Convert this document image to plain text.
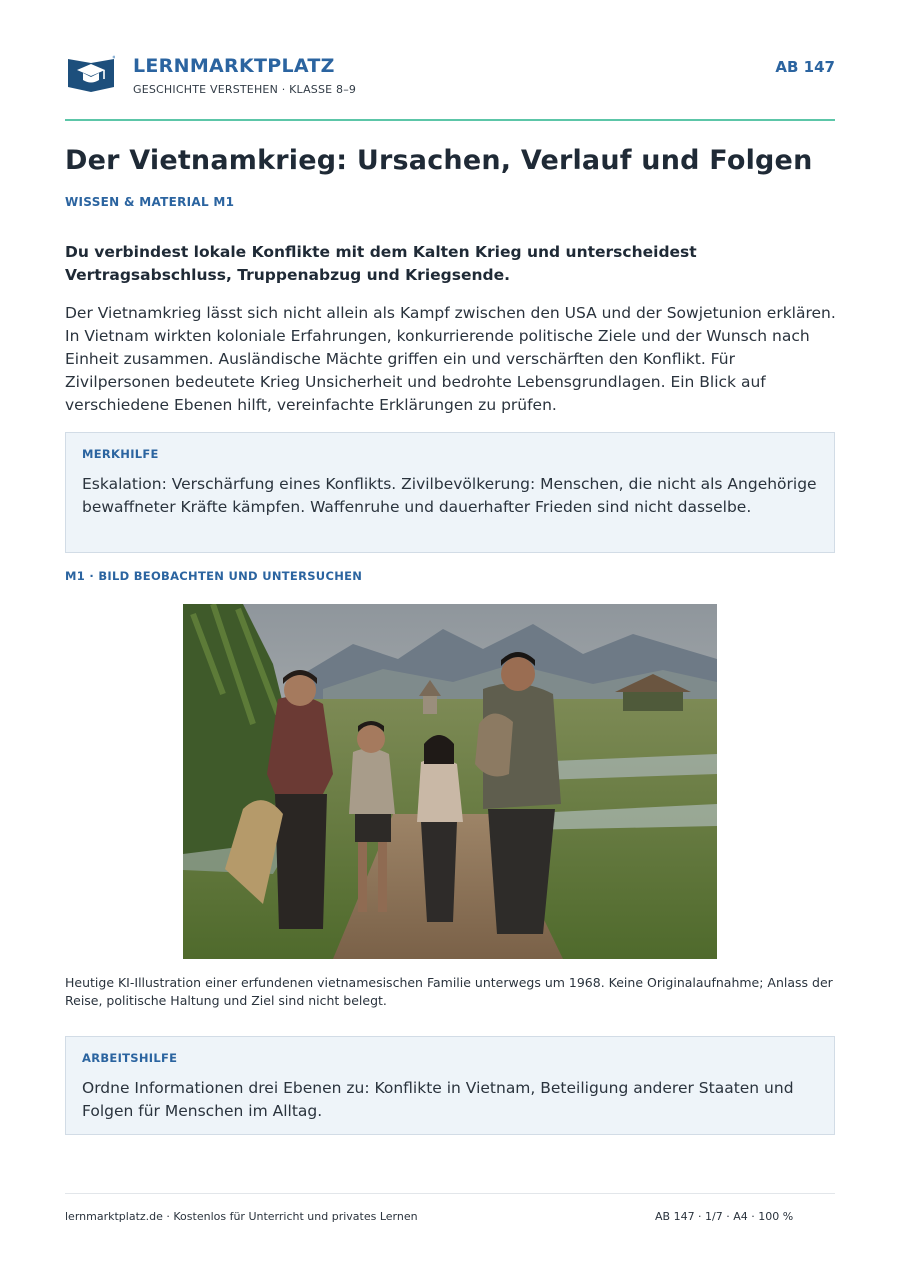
LERNMARKTPLATZ
GESCHICHTE VERSTEHEN · KLASSE 8–9
AB 147
Der Vietnamkrieg: Ursachen, Verlauf und Folgen
WISSEN & MATERIAL M1

Du verbindest lokale Konflikte mit dem Kalten Krieg und unterscheidest Vertragsabschluss, Truppenabzug und Kriegsende.

Der Vietnamkrieg lässt sich nicht allein als Kampf zwischen den USA und der Sowjetunion erklären. In Vietnam wirkten koloniale Erfahrungen, konkurrierende politische Ziele und der Wunsch nach Einheit zusammen. Ausländische Mächte griffen ein und verschärften den Konflikt. Für Zivilpersonen bedeutete Krieg Unsicherheit und bedrohte Lebensgrundlagen. Ein Blick auf verschiedene Ebenen hilft, vereinfachte Erklärungen zu prüfen.

MERKHILFE

Eskalation: Verschärfung eines Konflikts. Zivilbevölkerung: Menschen, die nicht als Angehörige bewaffneter Kräfte kämpfen. Waffenruhe und dauerhafter Frieden sind nicht dasselbe.

M1 · BILD BEOBACHTEN UND UNTERSUCHEN

Heutige KI-Illustration einer erfundenen vietnamesischen Familie unterwegs um 1968. Keine Originalaufnahme; Anlass der Reise, politische Haltung und Ziel sind nicht belegt.

ARBEITSHILFE

Ordne Informationen drei Ebenen zu: Konflikte in Vietnam, Beteiligung anderer Staaten und Folgen für Menschen im Alltag.

lernmarktplatz.de · Kostenlos für Unterricht und privates Lernen	AB 147 · 1/7 · A4 · 100 %
